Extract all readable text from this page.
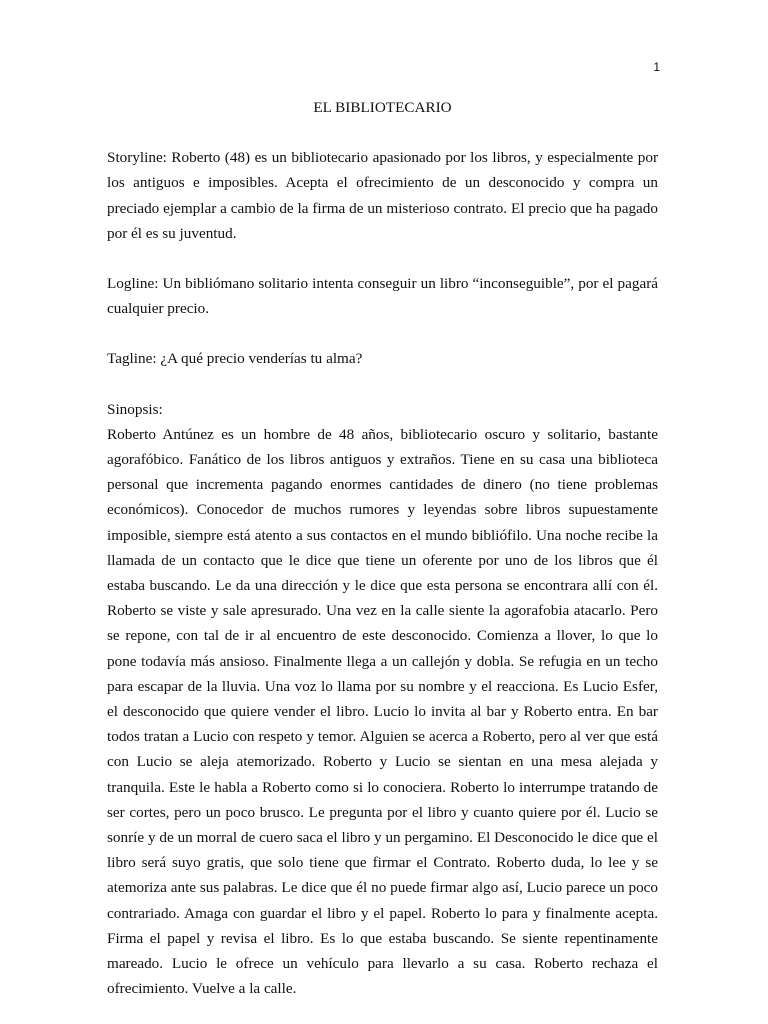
1
EL BIBLIOTECARIO

Storyline: Roberto (48) es un bibliotecario apasionado por los libros, y especialmente por los antiguos e imposibles. Acepta el ofrecimiento de un desconocido y compra un preciado ejemplar a cambio de la firma de un misterioso contrato. El precio que ha pagado por él es su juventud.

Logline: Un bibliómano solitario intenta conseguir un libro “inconseguible”, por el pagará cualquier precio.

Tagline: ¿A qué precio venderías tu alma?

Sinopsis:

Roberto Antúnez es un hombre de 48 años, bibliotecario oscuro y solitario, bastante agorafóbico. Fanático de los libros antiguos y extraños. Tiene en su casa una biblioteca personal que incrementa pagando enormes cantidades de dinero (no tiene problemas económicos). Conocedor de muchos rumores y leyendas sobre libros supuestamente imposible, siempre está atento a sus contactos en el mundo bibliófilo. Una noche recibe la llamada de un contacto que le dice que tiene un oferente por uno de los libros que él estaba buscando. Le da una dirección y le dice que esta persona se encontrara allí con él. Roberto se viste y sale apresurado. Una vez en la calle siente la agorafobia atacarlo. Pero se repone, con tal de ir al encuentro de este desconocido. Comienza a llover, lo que lo pone todavía más ansioso. Finalmente llega a un callejón y dobla. Se refugia en un techo para escapar de la lluvia. Una voz lo llama por su nombre y el reacciona. Es Lucio Esfer, el desconocido que quiere vender el libro. Lucio lo invita al bar y Roberto entra. En bar todos tratan a Lucio con respeto y temor. Alguien se acerca a Roberto, pero al ver que está con Lucio se aleja atemorizado. Roberto y Lucio se sientan en una mesa alejada y tranquila. Este le habla a Roberto como si lo conociera. Roberto lo interrumpe tratando de ser cortes, pero un poco brusco. Le pregunta por el libro y cuanto quiere por él. Lucio se sonríe y de un morral de cuero saca el libro y un pergamino. El Desconocido le dice que el libro será suyo gratis, que solo tiene que firmar el Contrato. Roberto duda, lo lee y se atemoriza ante sus palabras. Le dice que él no puede firmar algo así, Lucio parece un poco contrariado. Amaga con guardar el libro y el papel. Roberto lo para y finalmente acepta. Firma el papel y revisa el libro. Es lo que estaba buscando. Se siente repentinamente mareado. Lucio le ofrece un vehículo para llevarlo a su casa. Roberto rechaza el ofrecimiento. Vuelve a la calle.
